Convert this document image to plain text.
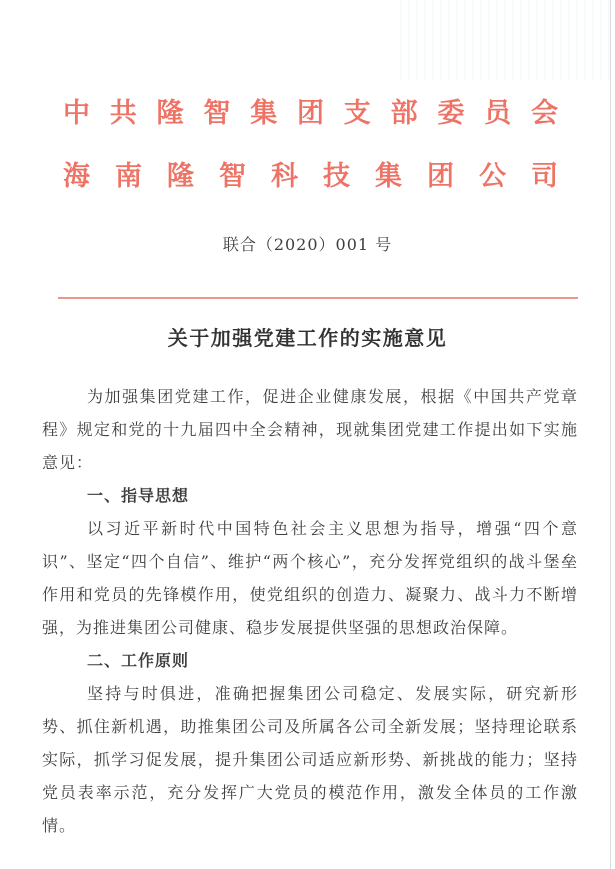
中 共 隆 智 集 团 支 部 委 员 会
海 南 隆 智 科 技 集 团 公 司
联合（2020）001 号
关于加强党建工作的实施意见

为加强集团党建工作，促进企业健康发展，根据《中国共产党章程》规定和党的十九届四中全会精神，现就集团党建工作提出如下实施意见：

一、指导思想

以习近平新时代中国特色社会主义思想为指导，增强“四个意识”、坚定“四个自信”、维护“两个核心”，充分发挥党组织的战斗堡垒作用和党员的先锋模作用，使党组织的创造力、凝聚力、战斗力不断增强，为推进集团公司健康、稳步发展提供坚强的思想政治保障。

二、工作原则

坚持与时俱进，准确把握集团公司稳定、发展实际，研究新形势、抓住新机遇，助推集团公司及所属各公司全新发展；坚持理论联系实际，抓学习促发展，提升集团公司适应新形势、新挑战的能力；坚持党员表率示范，充分发挥广大党员的模范作用，激发全体员的工作激情。
